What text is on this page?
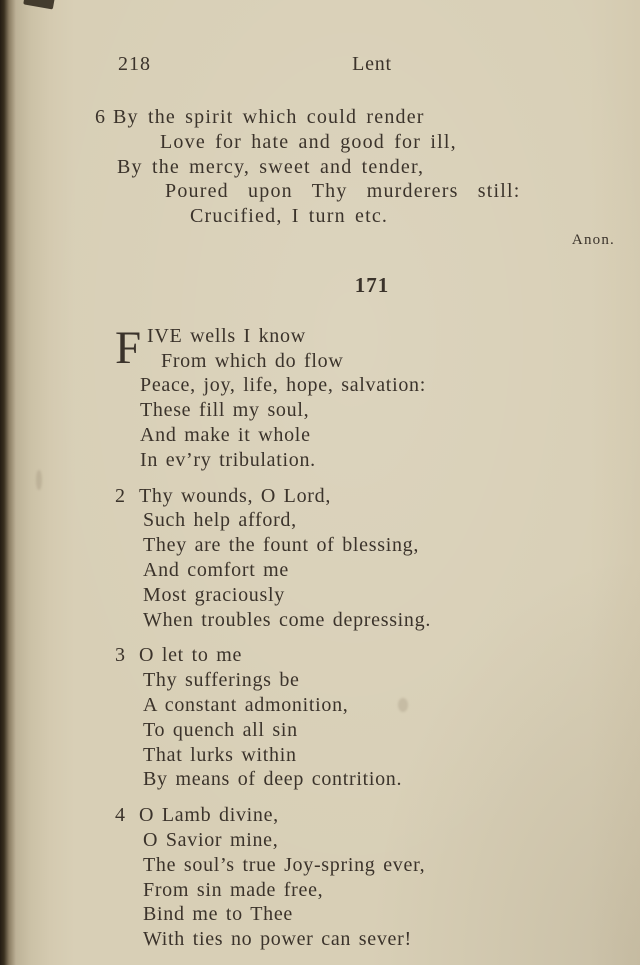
218	Lent
6 By the spirit which could render
Love for hate and good for ill,
By the mercy, sweet and tender,
Poured upon Thy murderers still:
Crucified, I turn etc.
Anon.
171
F IVE wells I know
From which do flow
Peace, joy, life, hope, salvation:
These fill my soul,
And make it whole
In ev’ry tribulation.
2 Thy wounds, O Lord,
Such help afford,
They are the fount of blessing,
And comfort me
Most graciously
When troubles come depressing.
3 O let to me
Thy sufferings be
A constant admonition,
To quench all sin
That lurks within
By means of deep contrition.
4 O Lamb divine,
O Savior mine,
The soul’s true Joy-spring ever,
From sin made free,
Bind me to Thee
With ties no power can sever!
